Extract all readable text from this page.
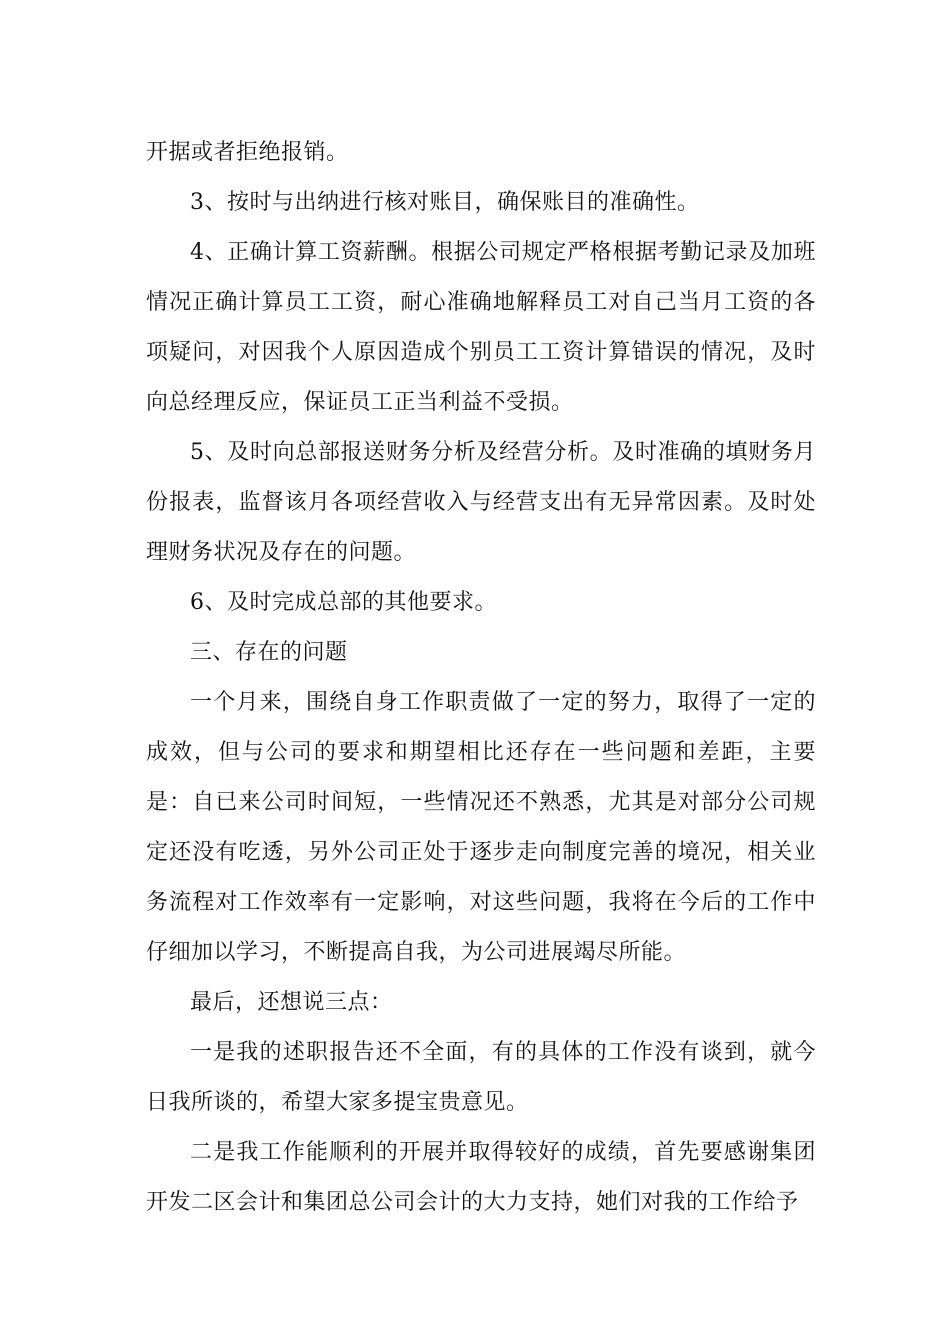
开据或者拒绝报销。

3、按时与出纳进行核对账目，确保账目的准确性。

4、正确计算工资薪酬。根据公司规定严格根据考勤记录及加班情况正确计算员工工资，耐心准确地解释员工对自己当月工资的各项疑问，对因我个人原因造成个别员工工资计算错误的情况，及时向总经理反应，保证员工正当利益不受损。

5、及时向总部报送财务分析及经营分析。及时准确的填财务月份报表，监督该月各项经营收入与经营支出有无异常因素。及时处理财务状况及存在的问题。

6、及时完成总部的其他要求。

三、存在的问题

一个月来，围绕自身工作职责做了一定的努力，取得了一定的成效，但与公司的要求和期望相比还存在一些问题和差距，主要是：自已来公司时间短，一些情况还不熟悉，尤其是对部分公司规定还没有吃透，另外公司正处于逐步走向制度完善的境况，相关业务流程对工作效率有一定影响，对这些问题，我将在今后的工作中仔细加以学习，不断提高自我，为公司进展竭尽所能。

最后，还想说三点：

一是我的述职报告还不全面，有的具体的工作没有谈到，就今日我所谈的，希望大家多提宝贵意见。

二是我工作能顺利的开展并取得较好的成绩，首先要感谢集团开发二区会计和集团总公司会计的大力支持，她们对我的工作给予
